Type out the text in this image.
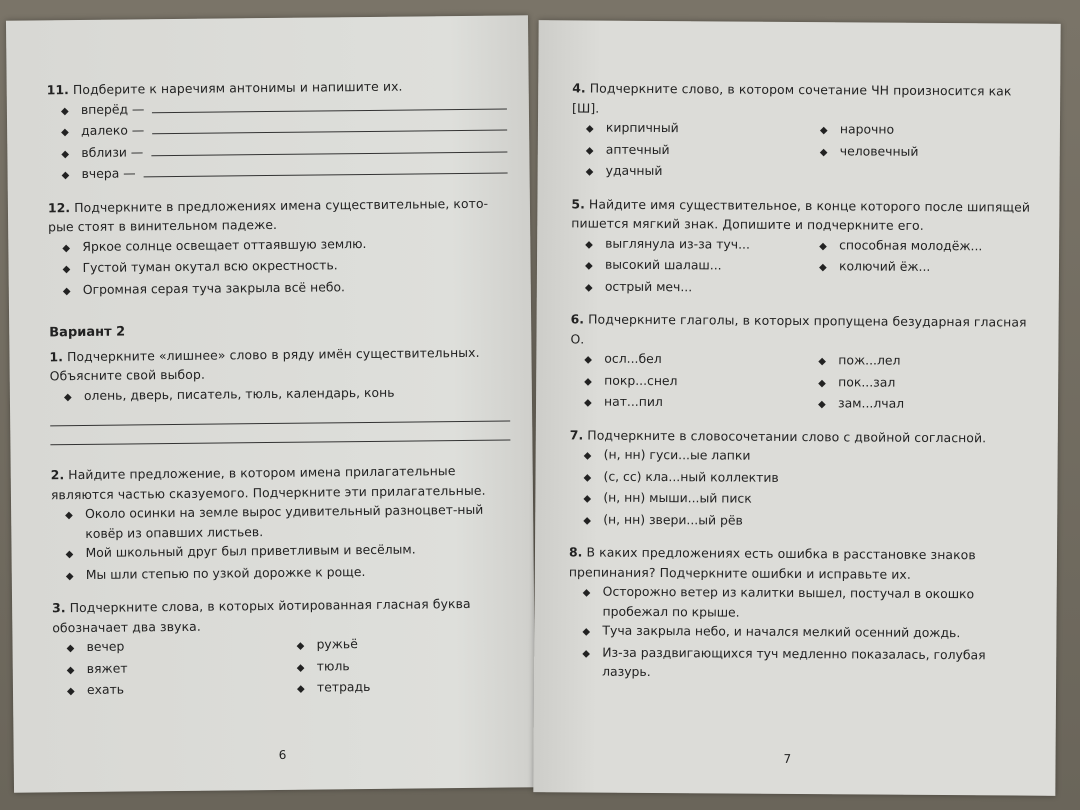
11. Подберите к наречиям антонимы и напишите их.
◆ вперёд —
◆ далеко —
◆ вблизи —
◆ вчера —
12. Подчеркните в предложениях имена существительные, кото-рые стоят в винительном падеже.
◆ Яркое солнце освещает оттаявшую землю.
◆ Густой туман окутал всю окрестность.
◆ Огромная серая туча закрыла всё небо.
Вариант 2
1. Подчеркните «лишнее» слово в ряду имён существительных. Объясните свой выбор.
◆ олень, дверь, писатель, тюль, календарь, конь
2. Найдите предложение, в котором имена прилагательные являются частью сказуемого. Подчеркните эти прилагательные.
◆ Около осинки на земле вырос удивительный разноцвет-ный ковёр из опавших листьев.
◆ Мой школьный друг был приветливым и весёлым.
◆ Мы шли степью по узкой дорожке к роще.
3. Подчеркните слова, в которых йотированная гласная буква обозначает два звука.
◆ вечер
◆ вяжет
◆ ехать
◆ ружьё
◆ тюль
◆ тетрадь
6
4. Подчеркните слово, в котором сочетание ЧН произносится как [Ш].
◆ кирпичный
◆ аптечный
◆ удачный
◆ нарочно
◆ человечный
5. Найдите имя существительное, в конце которого после шипящей пишется мягкий знак. Допишите и подчеркните его.
◆ выглянула из-за туч...
◆ высокий шалаш...
◆ острый меч...
◆ способная молодёж...
◆ колючий ёж...
6. Подчеркните глаголы, в которых пропущена безударная гласная О.
◆ осл...бел
◆ покр...снел
◆ нат...пил
◆ пож...лел
◆ пок...зал
◆ зам...лчал
7. Подчеркните в словосочетании слово с двойной согласной.
◆ (н, нн) гуси...ые лапки
◆ (с, сс) кла...ный коллектив
◆ (н, нн) мыши...ый писк
◆ (н, нн) звери...ый рёв
8. В каких предложениях есть ошибка в расстановке знаков препинания? Подчеркните ошибки и исправьте их.
◆ Осторожно ветер из калитки вышел, постучал в окошко пробежал по крыше.
◆ Туча закрыла небо, и начался мелкий осенний дождь.
◆ Из-за раздвигающихся туч медленно показалась, голубая лазурь.
7
